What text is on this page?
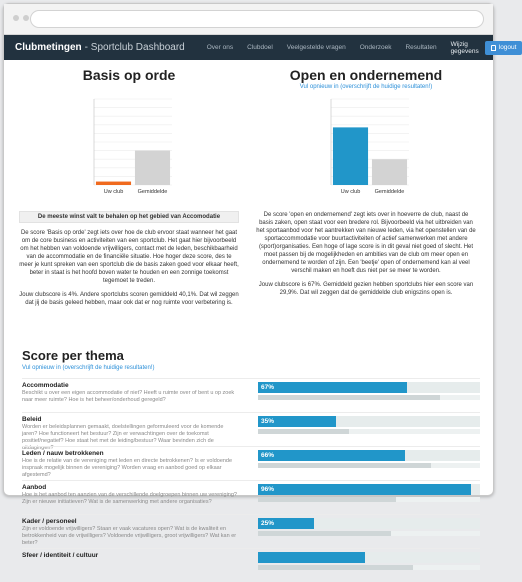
Clubmetingen - Sportclub Dashboard	Over ons Clubdoel Veelgestelde vragen Onderzoek Resultaten Wijzig gegevens	logout
Basis op orde
Uw club	Gemiddelde
De meeste winst valt te behalen op het gebied van Accomodatie

De score 'Basis op orde' zegt iets over hoe de club ervoor staat wanneer het gaat om de core business en activiteiten van een sportclub. Het gaat hier bijvoorbeeld om het hebben van voldoende vrijwilligers, contact met de leden, beschikbaarheid van de accommodatie en de financiële situatie. Hoe hoger deze score, des te meer je kunt spreken van een sportclub die de basis zaken goed voor elkaar heeft, beter in staat is het hoofd boven water te houden en een zonnige toekomst tegemoet te treden.

Jouw clubscore is 4%. Andere sportclubs scoren gemiddeld 40,1%. Dat wil zeggen dat jij de basis geleed hebben, maar ook dat er nog ruimte voor verbetering is.

Open en ondernemend
Vul opnieuw in (overschrijft de huidige resultaten!)
Uw club	Gemiddelde

De score 'open en ondernemend' zegt iets over in hoeverre de club, naast de basis zaken, open staat voor een bredere rol. Bijvoorbeeld via het uitbreiden van het sportaanbod voor het aantrekken van nieuwe leden, via het openstellen van de sportaccommodatie voor buurtactiviteiten of actief samenwerken met andere (sport)organisaties. Een hoge of lage score is in dit geval niet goed of slecht. Het moet passen bij de mogelijkheden en ambities van de club om meer open en ondernemend te worden of zijn. Een 'beetje' open of ondernemend kan al veel verschil maken en hoeft dus niet per se meer te worden.

Jouw clubscore is 67%. Gemiddeld gezien hebben sportclubs hier een score van 29,9%. Dat wil zeggen dat de gemiddelde club enigszins open is.

Score per thema
Vul opnieuw in (overschrijft de huidige resultaten!)
Accommodatie
Beschikt u over een eigen accommodatie of niet? Heeft u ruimte over of bent u op zoek naar meer ruimte? Hoe is het beheer/onderhoud geregeld?
67%
Beleid
Worden er beleidsplannen gemaakt, doelstellingen geformuleerd voor de komende jaren? Hoe functioneert het bestuur? Zijn er verwachtingen over de toekomst positief/negatief? Hoe staat het met de leiding/bestuur? Waar bevinden zich de uitdagingen?
35%
Leden / nauw betrokkenen
Hoe is de relatie van de vereniging met leden en directe betrokkenen? Is er voldoende inspraak mogelijk binnen de vereniging? Worden vraag en aanbod goed op elkaar afgestemd?
66%
Aanbod
Hoe is het aanbod ten aanzien van de verschillende doelgroepen binnen uw vereniging? Zijn er nieuwe initiatieven? Wat is de samenwerking met andere organisaties?
96%
Kader / personeel
Zijn er voldoende vrijwilligers? Staan er vaak vacatures open? Wat is de kwaliteit en betrokkenheid van de vrijwilligers? Voldoende vrijwilligers, groot vrijwilligers? Wat kan er beter?
25%
Sfeer / identiteit / cultuur
